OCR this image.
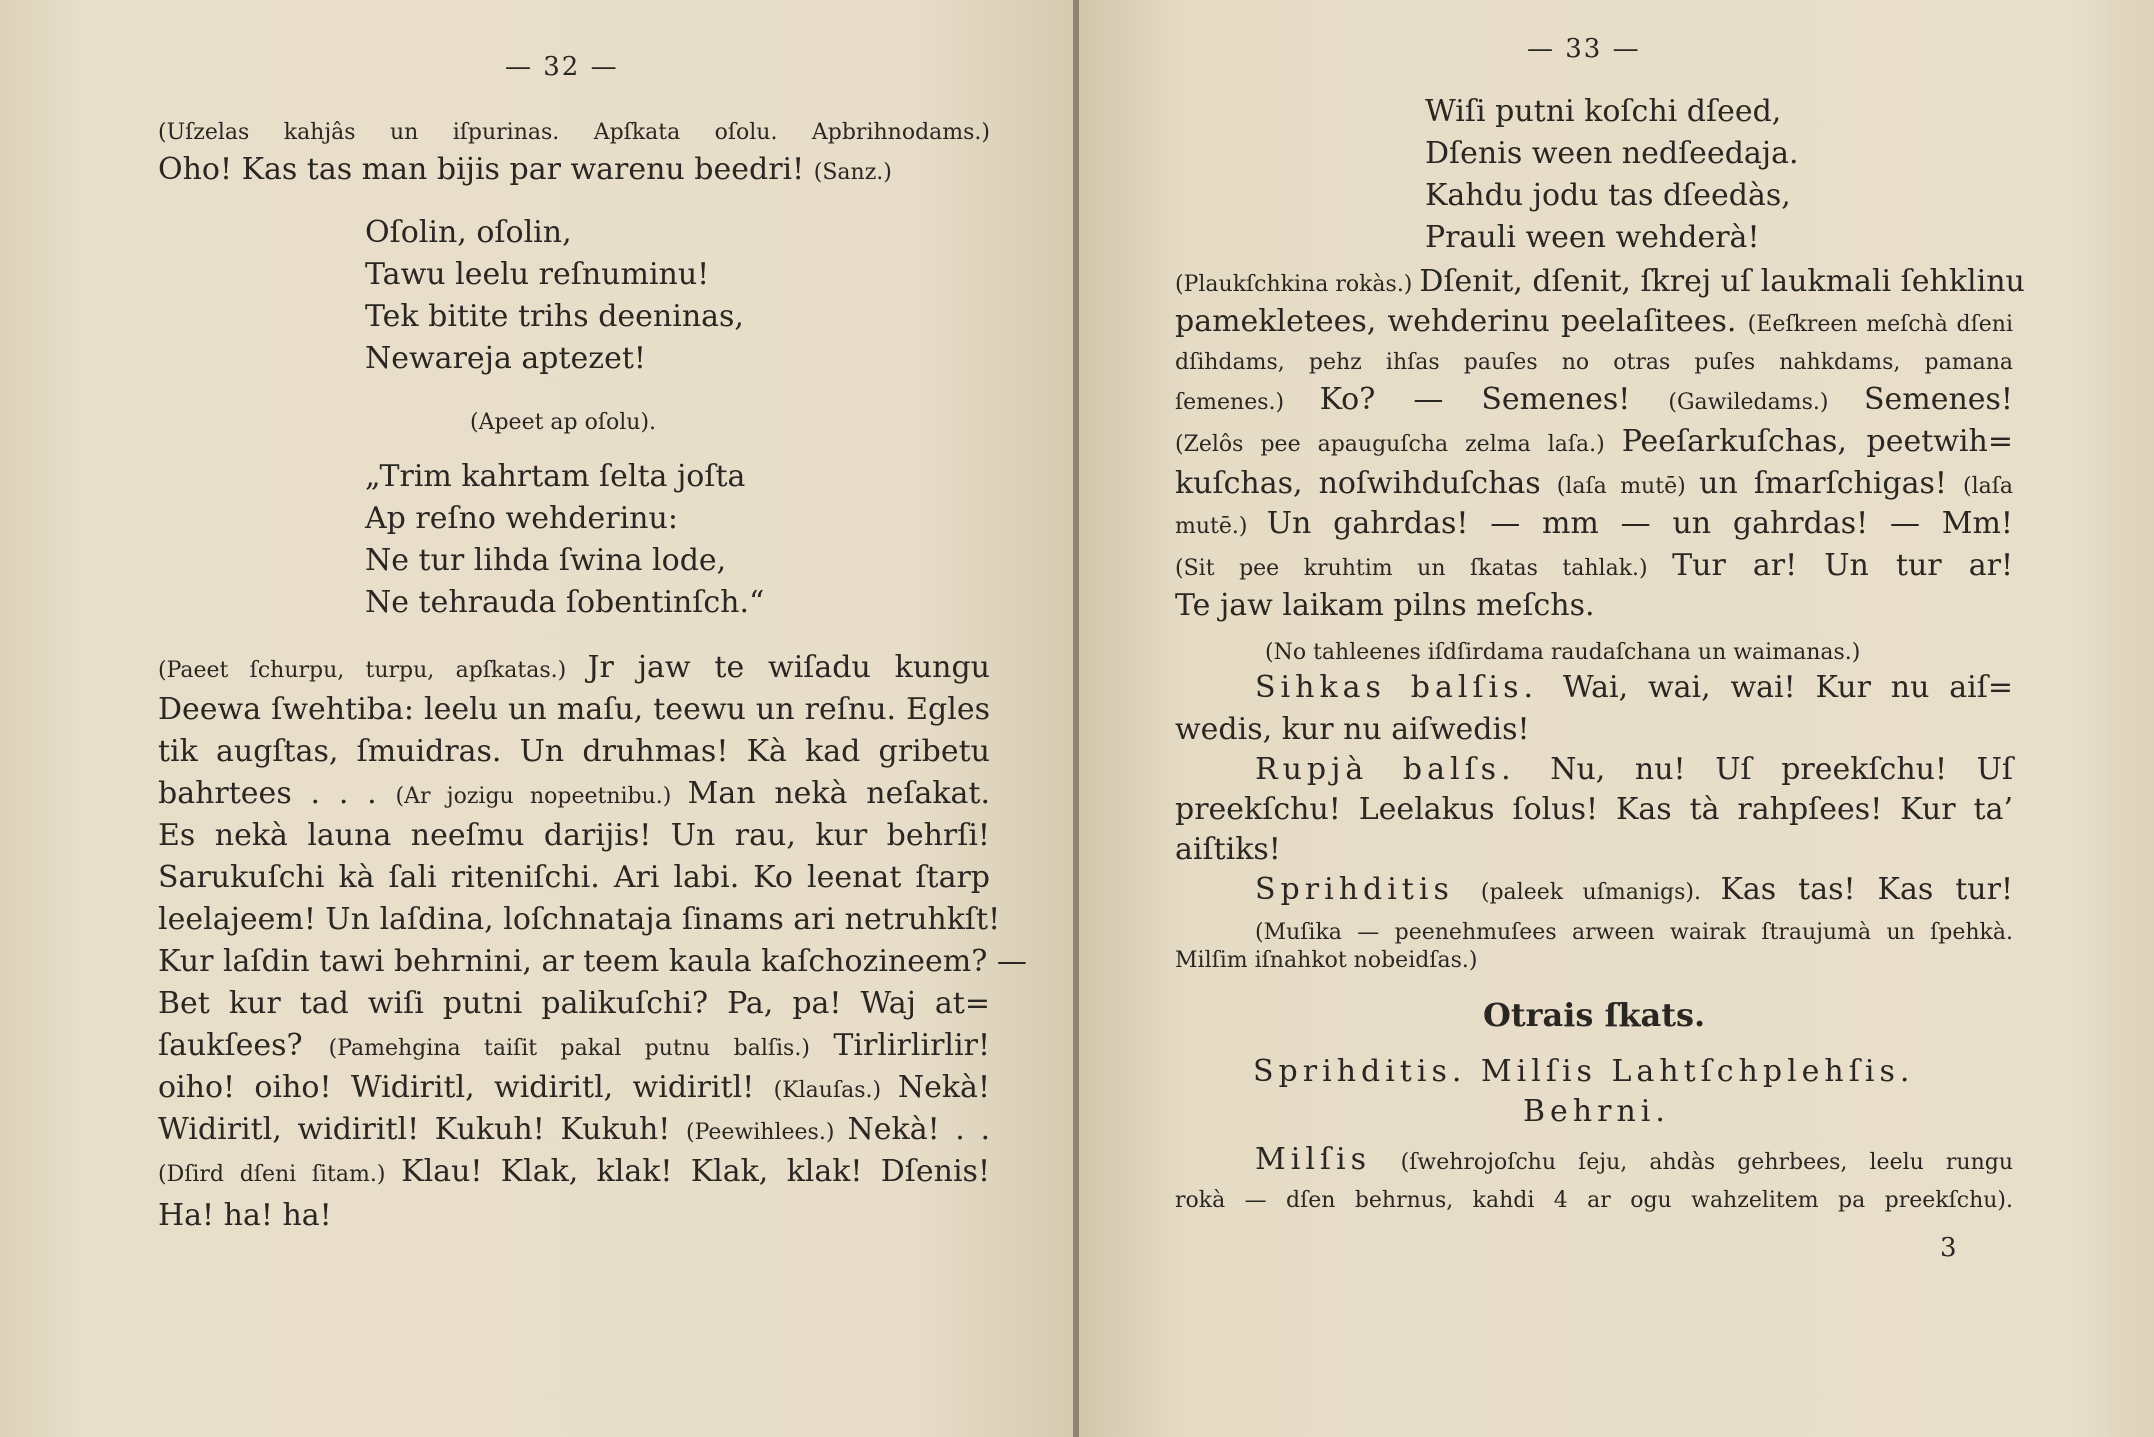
— 32 —
(Uſzelas kahjâs un iſpurinas. Apſkata oſolu. Apbrihnodams.)
Oho! Kas tas man bijis par warenu beedri! (Sanz.)
Oſolin, oſolin,
Tawu leelu reſnuminu!
Tek bitite trihs deeninas,
Newareja aptezet!
(Apeet ap oſolu).
„Trim kahrtam ſelta joſta
Ap reſno wehderinu:
Ne tur lihda ſwina lode,
Ne tehrauda ſobentinſch.“
(Paeet ſchurpu, turpu, apſkatas.) Jr jaw te wiſadu kungu
Deewa ſwehtiba: leelu un maſu, teewu un reſnu. Egles
tik augſtas, ſmuidras. Un druhmas! Kà kad gribetu
bahrtees . . . (Ar jozigu nopeetnibu.) Man nekà neſakat.
Es nekà launa neeſmu darijis! Un rau, kur behrſi!
Sarukuſchi kà ſali riteniſchi. Ari labi. Ko leenat ſtarp
leelajeem! Un laſdina, loſchnataja ſinams ari netruhkſt!
Kur laſdin tawi behrnini, ar teem kaula kaſchozineem? —
Bet kur tad wiſi putni palikuſchi? Pa, pa! Waj at=
ſaukſees? (Pamehgina taiſit pakal putnu balſis.) Tirlirlirlir!
oiho! oiho! Widiritl, widiritl, widiritl! (Klauſas.) Nekà!
Widiritl, widiritl! Kukuh! Kukuh! (Peewihlees.) Nekà! . .
(Dſird dſeni ſitam.) Klau! Klak, klak! Klak, klak! Dſenis!
Ha! ha! ha!
— 33 —
Wiſi putni koſchi dſeed,
Dſenis ween nedſeedaja.
Kahdu jodu tas dſeedàs,
Prauli ween wehderà!
(Plaukſchkina rokàs.) Dſenit, dſenit, ſkrej uſ laukmali ſehklinu
pamekletees, wehderinu peelaſitees. (Eeſkreen meſchà dſeni
dſihdams, pehz ihſas pauſes no otras puſes nahkdams, pamana
ſemenes.) Ko? — Semenes! (Gawiledams.) Semenes!
(Zelôs pee apauguſcha zelma laſa.) Peeſarkuſchas, peetwih=
kuſchas, noſwihduſchas (laſa mutē) un ſmarſchigas! (laſa
mutē.) Un gahrdas! — mm — un gahrdas! — Mm!
(Sit pee kruhtim un ſkatas tahlak.) Tur ar! Un tur ar!
Te jaw laikam pilns meſchs.
(No tahleenes iſdſirdama raudaſchana un waimanas.)
Sihkas balſis. Wai, wai, wai! Kur nu aiſ=
wedis, kur nu aiſwedis!
Rupjà balſs. Nu, nu! Uſ preekſchu! Uſ
preekſchu! Leelakus ſolus! Kas tà rahpſees! Kur ta’
aiſtiks!
Sprihditis (paleek uſmanigs). Kas tas! Kas tur!
(Muſika — peenehmuſees arween wairak ſtraujumà un ſpehkà.
Milſim iſnahkot nobeidſas.)
Otrais ſkats.
Sprihditis. Milſis Lahtſchplehſis.
Behrni.
Milſis (ſwehrojoſchu ſeju, ahdàs gehrbees, leelu rungu
rokà — dſen behrnus, kahdi 4 ar ogu wahzelitem pa preekſchu).
3
